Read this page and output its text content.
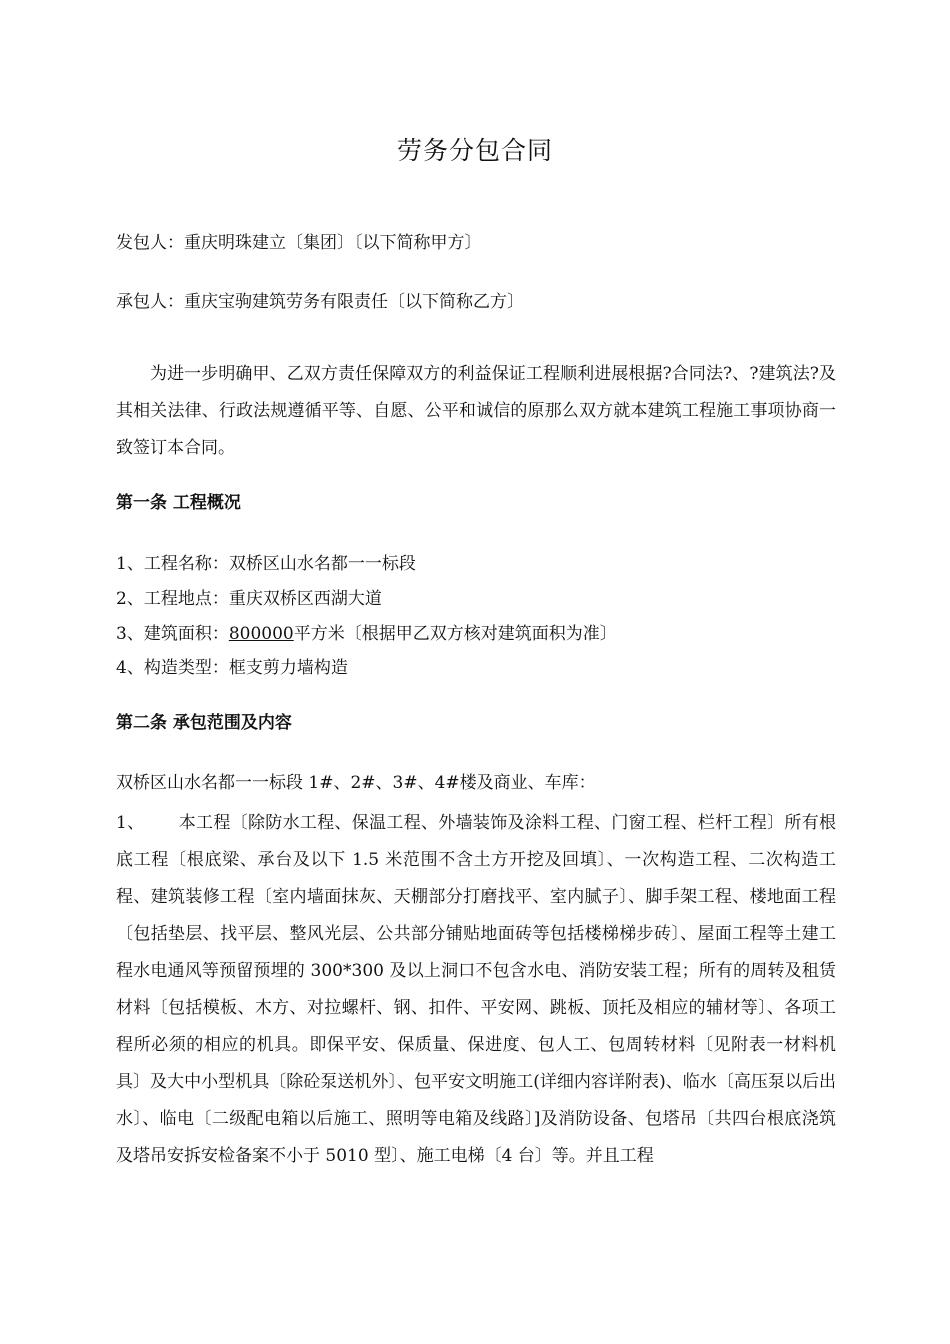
劳务分包合同
发包人：重庆明珠建立〔集团〕〔以下简称甲方〕
承包人：重庆宝驹建筑劳务有限责任〔以下简称乙方〕
为进一步明确甲、乙双方责任保障双方的利益保证工程顺利进展根据?合同法?、?建筑法?及其相关法律、行政法规遵循平等、自愿、公平和诚信的原那么双方就本建筑工程施工事项协商一致签订本合同。
第一条 工程概况
1、工程名称：双桥区山水名都一一标段
2、工程地点：重庆双桥区西湖大道
3、建筑面积：800000平方米〔根据甲乙双方核对建筑面积为准〕
4、构造类型：框支剪力墙构造
第二条 承包范围及内容
双桥区山水名都一一标段 1#、2#、3#、4#楼及商业、车库：
1、 本工程〔除防水工程、保温工程、外墙装饰及涂料工程、门窗工程、栏杆工程〕所有根底工程〔根底梁、承台及以下 1.5 米范围不含土方开挖及回填〕、一次构造工程、二次构造工程、建筑装修工程〔室内墙面抹灰、天棚部分打磨找平、室内腻子〕、脚手架工程、楼地面工程〔包括垫层、找平层、整风光层、公共部分铺贴地面砖等包括楼梯梯步砖〕、屋面工程等土建工程水电通风等预留预埋的 300*300 及以上洞口不包含水电、消防安装工程；所有的周转及租赁材料〔包括模板、木方、对拉螺杆、钢、扣件、平安网、跳板、顶托及相应的辅材等〕、各项工程所必须的相应的机具。即保平安、保质量、保进度、包人工、包周转材料〔见附表一材料机具〕及大中小型机具〔除砼泵送机外〕、包平安文明施工(详细内容详附表)、临水〔高压泵以后出水〕、临电〔二级配电箱以后施工、照明等电箱及线路〕]及消防设备、包塔吊〔共四台根底浇筑及塔吊安拆安检备案不小于 5010 型〕、施工电梯〔4 台〕等。并且工程
